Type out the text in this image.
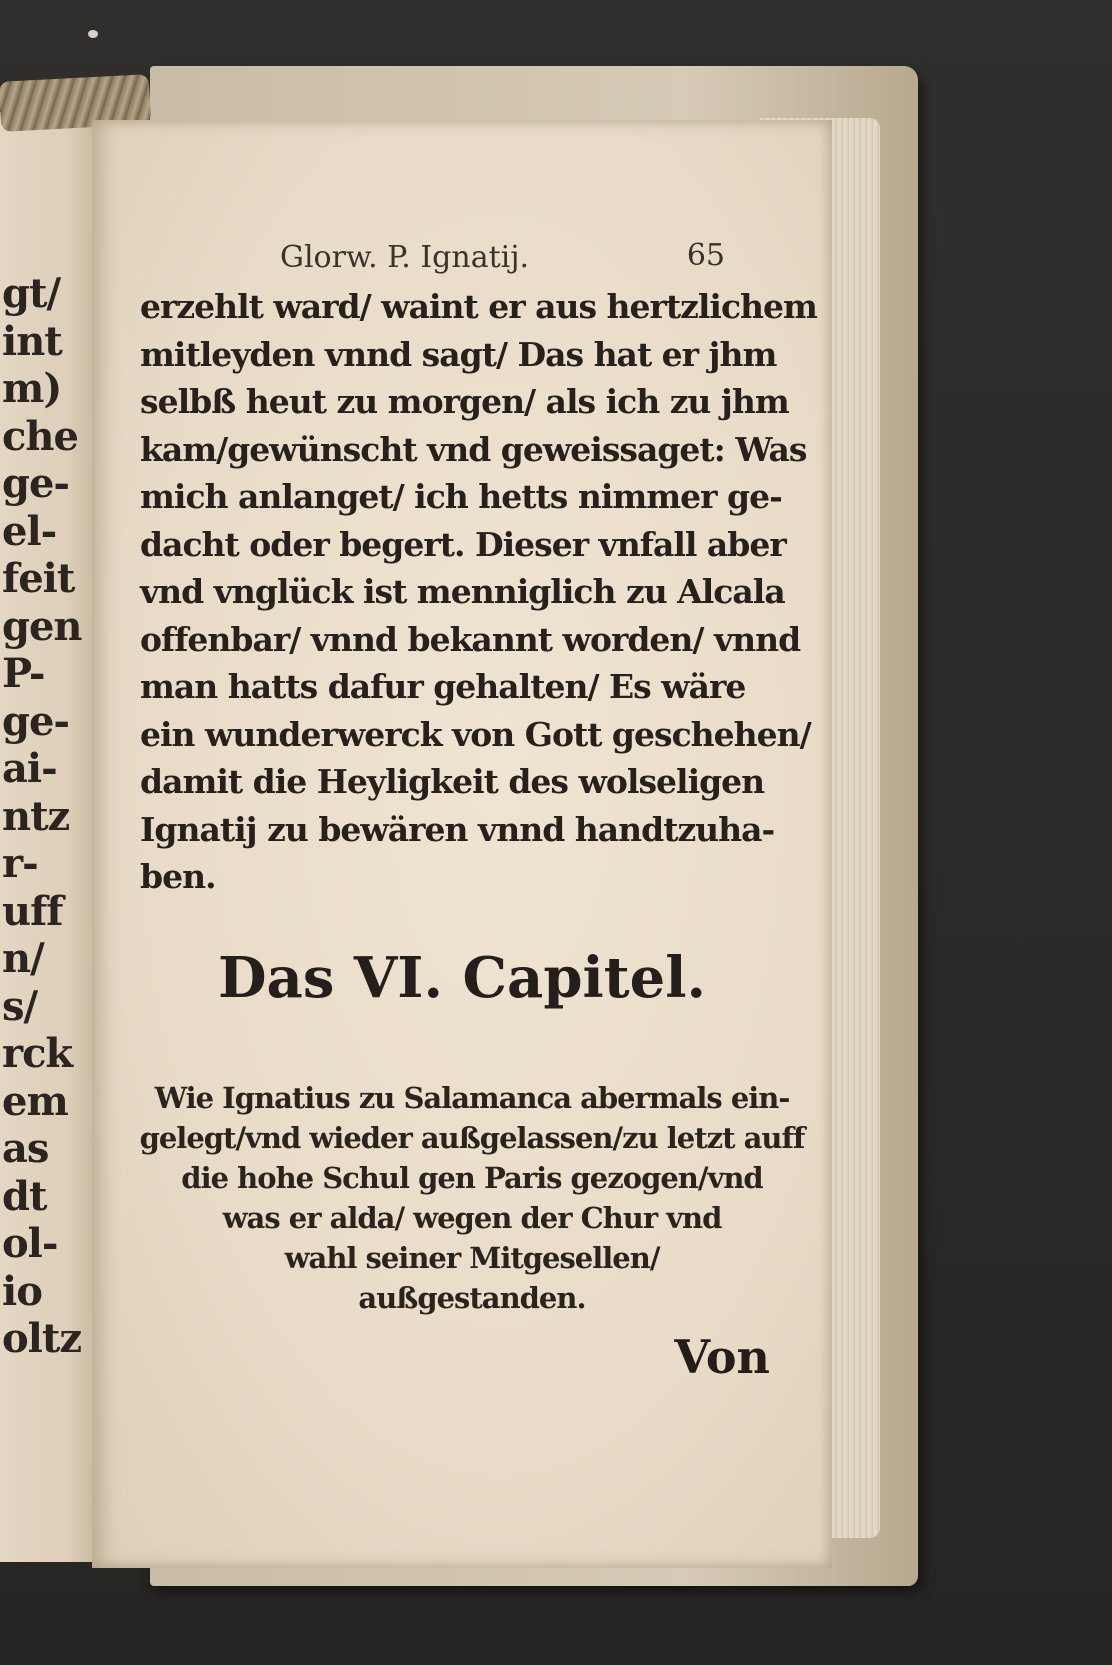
gt/
int
m)
che
ge-
el-
feit
gen
P-
ge-
ai-
ntz
r-
uff
n/
s/
rck
em
as
dt
ol-
io
oltz
Glorw. P. Ignatij.	65
erzehlt ward/ waint er aus hertzlichem
mitleyden vnnd sagt/ Das hat er jhm
selbß heut zu morgen/ als ich zu jhm
kam/gewünscht vnd geweissaget: Was
mich anlanget/ ich hetts nimmer ge-
dacht oder begert. Dieser vnfall aber
vnd vnglück ist menniglich zu Alcala
offenbar/ vnnd bekannt worden/ vnnd
man hatts dafur gehalten/ Es wäre
ein wunderwerck von Gott geschehen/
damit die Heyligkeit des wolseligen
Ignatij zu bewären vnnd handtzuha-
ben.
Das VI. Capitel.
Wie Ignatius zu Salamanca abermals ein-
gelegt/vnd wieder außgelassen/zu letzt auff
die hohe Schul gen Paris gezogen/vnd
was er alda/ wegen der Chur vnd
wahl seiner Mitgesellen/
außgestanden.
Von
